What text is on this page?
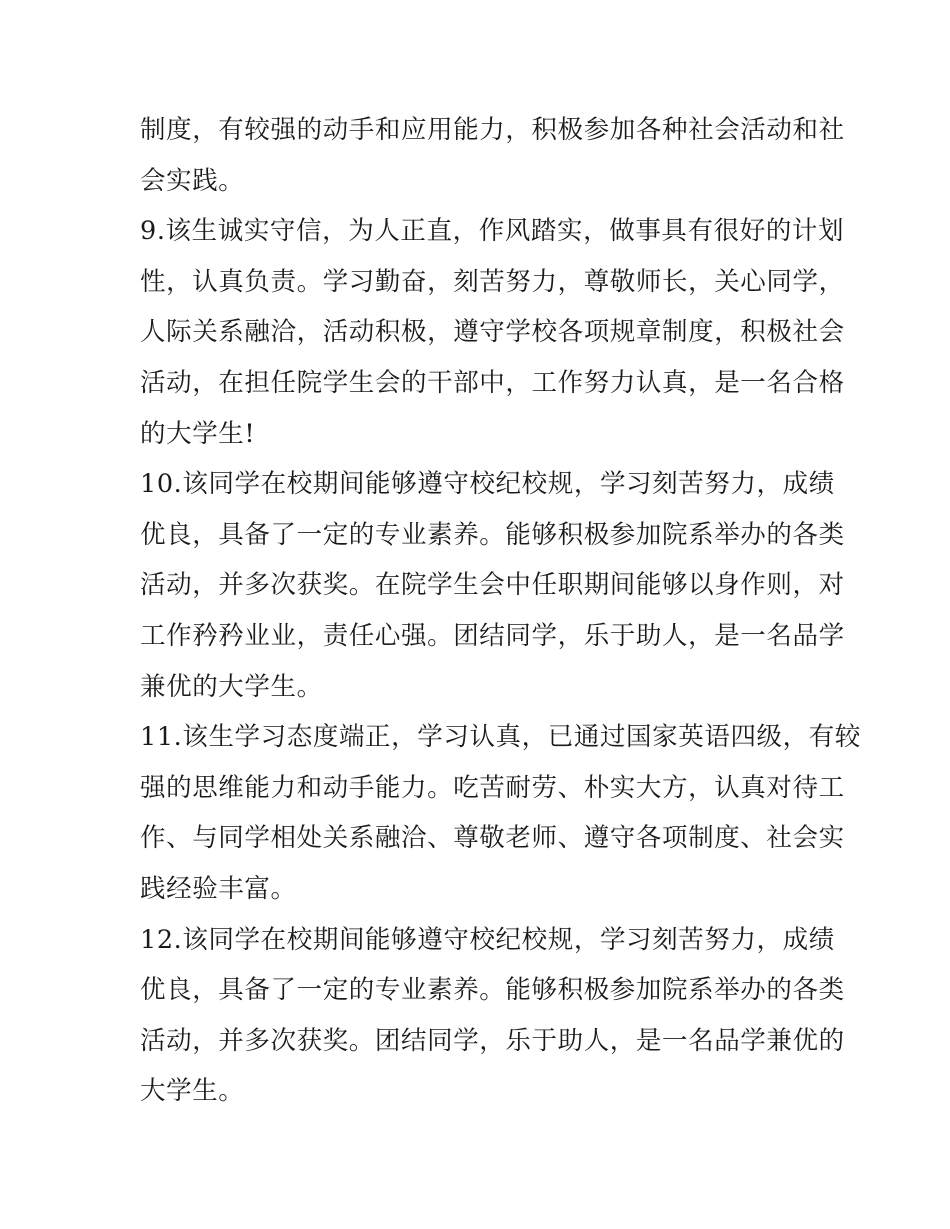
制度，有较强的动手和应用能力，积极参加各种社会活动和社
会实践。
9.该生诚实守信，为人正直，作风踏实，做事具有很好的计划
性，认真负责。学习勤奋，刻苦努力，尊敬师长，关心同学，
人际关系融洽，活动积极，遵守学校各项规章制度，积极社会
活动，在担任院学生会的干部中，工作努力认真，是一名合格
的大学生!
10.该同学在校期间能够遵守校纪校规，学习刻苦努力，成绩
优良，具备了一定的专业素养。能够积极参加院系举办的各类
活动，并多次获奖。在院学生会中任职期间能够以身作则，对
工作矜矜业业，责任心强。团结同学，乐于助人，是一名品学
兼优的大学生。
11.该生学习态度端正，学习认真，已通过国家英语四级，有较
强的思维能力和动手能力。吃苦耐劳、朴实大方，认真对待工
作、与同学相处关系融洽、尊敬老师、遵守各项制度、社会实
践经验丰富。
12.该同学在校期间能够遵守校纪校规，学习刻苦努力，成绩
优良，具备了一定的专业素养。能够积极参加院系举办的各类
活动，并多次获奖。团结同学，乐于助人，是一名品学兼优的
大学生。
